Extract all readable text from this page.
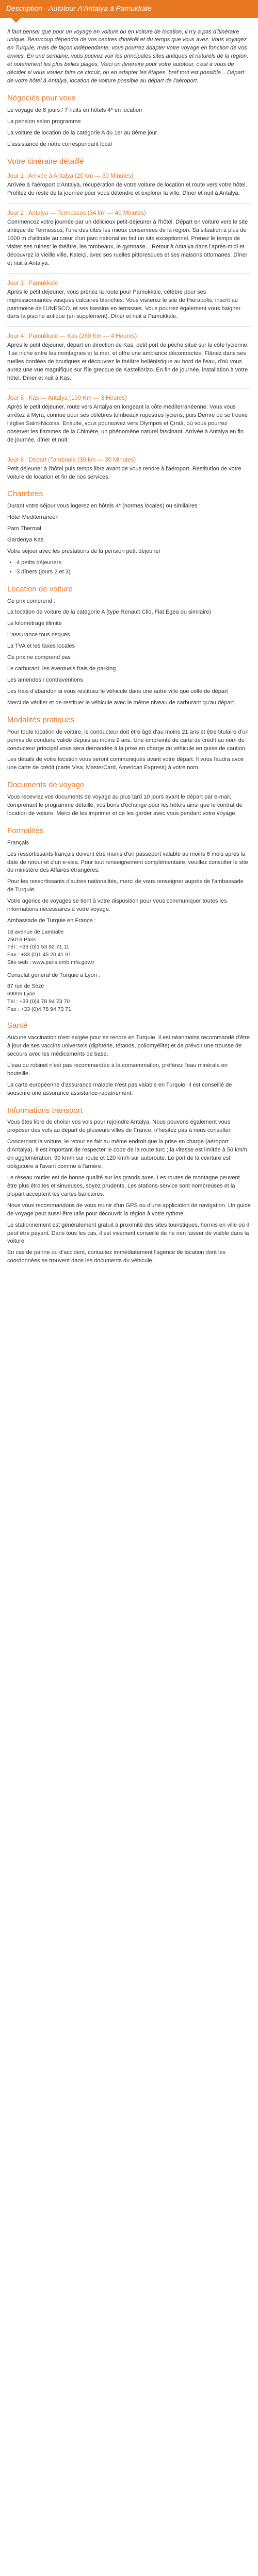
Description - Autotour A'Antalya à Pamukkale

Il faut penser que pour un voyage en voiture ou en voiture de location, il n'y a pas d'itinéraire unique. Beaucoup dépendra de vos centres d'intérêt et du temps que vous avez. Vous voyagez en Turquie, mais de façon indépendante, vous pourrez adapter votre voyage en fonction de vos envies. En une semaine, vous pouvez voir les principales sites antiques et naturels de la région, et notamment les plus belles plages. Voici un itinéraire pour votre autotour, c'est à vous de décider si vous voulez faire ce circuit, ou en adapter les étapes, bref tout est possible... Départ de votre hôtel à Antalya, location de voiture possible au départ de l'aéroport.

Négociés pour vous

Le voyage de 8 jours / 7 nuits en hôtels 4* en location

La pension selon programme

La voiture de location de la catégorie A du 1er au 8ème jour

L'assistance de notre correspondant local

Votre itinéraire détaillé
Jour 1 : Arrivée à Antalya (20 km — 30 Minutes)

Arrivée à l'aéroport d'Antalya, récupération de votre voiture de location et route vers votre hôtel. Profitez du reste de la journée pour vous détendre et explorer la ville. Dîner et nuit à Antalya.

Jour 2 : Antalya — Termessos (34 km — 40 Minutes)

Commencez votre journée par un délicieux petit-déjeuner à l'hôtel. Départ en voiture vers le site antique de Termessos, l'une des cités les mieux conservées de la région. Sa situation à plus de 1000 m d'altitude au cœur d'un parc national en fait un site exceptionnel. Prenez le temps de visiter ses ruines: le théâtre, les tombeaux, le gymnase... Retour à Antalya dans l'après-midi et découvrez la vieille ville, Kaleiçi, avec ses ruelles pittoresques et ses maisons ottomanes. Dîner et nuit à Antalya.

Jour 3 : Pamukkale

Après le petit déjeuner, vous prenez la route pour Pamukkale, célèbre pour ses impressionnantes vasques calcaires blanches. Vous visiterez le site de Hiérapolis, inscrit au patrimoine de l'UNESCO, et ses bassins en terrasses. Vous pourrez également vous baigner dans la piscine antique (en supplément). Dîner et nuit à Pamukkale.

Jour 4 : Pamukkale — Kas (280 Km — 4 Heures)

Après le petit déjeuner, départ en direction de Kas, petit port de pêche situé sur la côte lycienne. Il se niche entre les montagnes et la mer, et offre une ambiance décontractée. Flânez dans ses ruelles bordées de boutiques et découvrez le théâtre hellénistique au bord de l'eau, d'où vous aurez une vue magnifique sur l'île grecque de Kastellorizo. En fin de journée, installation à votre hôtel. Dîner et nuit à Kas.

Jour 5 : Kas — Antalya (190 Km — 3 Heures)

Après le petit déjeuner, route vers Antalya en longeant la côte méditerranéenne. Vous vous arrêtez à Myra, connue pour ses célèbres tombeaux rupestres lyciens, puis Demre où se trouve l'église Saint-Nicolas. Ensuite, vous poursuivez vers Olympos et Çıralı, où vous pourrez observer les flammes de la Chimère, un phénomène naturel fascinant. Arrivée à Antalya en fin de journée, dîner et nuit.

Jour 6 : Départ (Tamboula (30 km — 30 Minutes)

Petit déjeuner à l'hôtel puis temps libre avant de vous rendre à l'aéroport. Restitution de votre voiture de location et fin de nos services.

Chambres

Durant votre séjour vous logerez en hôtels 4* (normes locales) ou similaires :

Hôtel Mediterranéen

Pam Thermal

Gardenya Kas

Votre séjour avec les prestations de la pension petit déjeuner

• 4 petits déjeuners
• 3 dîners (jours 2 et 3)
Location de voiture

Ce prix comprend :

La location de voiture de la catégorie A (type Renault Clio, Fiat Egea ou similaire)

Le kilométrage illimité

L'assurance tous risques

La TVA et les taxes locales

Ce prix ne comprend pas :

Le carburant, les éventuels frais de parking

Les amendes / contraventions

Les frais d'abandon si vous restituez le véhicule dans une autre ville que celle de départ

Merci de vérifier et de restituer le véhicule avec le même niveau de carburant qu'au départ.

Modalités pratiques

Pour toute location de voiture, le conducteur doit être âgé d'au moins 21 ans et être titulaire d'un permis de conduire valide depuis au moins 2 ans. Une empreinte de carte de crédit au nom du conducteur principal vous sera demandée à la prise en charge du véhicule en guise de caution.

Les détails de votre location vous seront communiqués avant votre départ. Il vous faudra avoir une carte de crédit (carte Visa, MasterCard, American Express) à votre nom.

Documents de voyage

Vous recevrez vos documents de voyage au plus tard 10 jours avant le départ par e-mail, comprenant le programme détaillé, vos bons d'échange pour les hôtels ainsi que le contrat de location de voiture. Merci de les imprimer et de les garder avec vous pendant votre voyage.

Formalités

Français

Les ressortissants français doivent être munis d'un passeport valable au moins 6 mois après la date de retour et d'un e-visa. Pour tout renseignement complémentaire, veuillez consulter le site du ministère des Affaires étrangères.

Pour les ressortissants d'autres nationalités, merci de vous renseigner auprès de l'ambassade de Turquie.

Votre agence de voyages se tient à votre disposition pour vous communiquer toutes les informations nécessaires à votre voyage.

Ambassade de Turquie en France :

16 avenue de Lamballe
75016 Paris
Tél : +33 (0)1 53 92 71 11
Fax : +33 (0)1 45 20 41 91
Site web : www.paris.emb.mfa.gov.tr

Consulat général de Turquie à Lyon :

87 rue de Sèze
69006 Lyon
Tél : +33 (0)4 78 94 73 70
Fax : +33 (0)4 78 94 73 71
Santé

Aucune vaccination n'est exigée pour se rendre en Turquie. Il est néanmoins recommandé d'être à jour de ses vaccins universels (diphtérie, tétanos, poliomyélite) et de prévoir une trousse de secours avec les médicaments de base.

L'eau du robinet n'est pas recommandée à la consommation, préférez l'eau minérale en bouteille.

La carte européenne d'assurance maladie n'est pas valable en Turquie. Il est conseillé de souscrire une assurance assistance-rapatriement.

Informations transport

Vous êtes libre de choisir vos vols pour rejoindre Antalya. Nous pouvons également vous proposer des vols au départ de plusieurs villes de France, n'hésitez pas à nous consulter.

Concernant la voiture, le retour se fait au même endroit que la prise en charge (aéroport d'Antalya). Il est important de respecter le code de la route turc ; la vitesse est limitée à 50 km/h en agglomération, 90 km/h sur route et 120 km/h sur autoroute. Le port de la ceinture est obligatoire à l'avant comme à l'arrière.

Le réseau routier est de bonne qualité sur les grands axes. Les routes de montagne peuvent être plus étroites et sinueuses, soyez prudents. Les stations-service sont nombreuses et la plupart acceptent les cartes bancaires.

Nous vous recommandons de vous munir d'un GPS ou d'une application de navigation. Un guide de voyage peut aussi être utile pour découvrir la région à votre rythme.

Le stationnement est généralement gratuit à proximité des sites touristiques, hormis en ville où il peut être payant. Dans tous les cas, il est vivement conseillé de ne rien laisser de visible dans la voiture.

En cas de panne ou d'accident, contactez immédiatement l'agence de location dont les coordonnées se trouvent dans les documents du véhicule.
